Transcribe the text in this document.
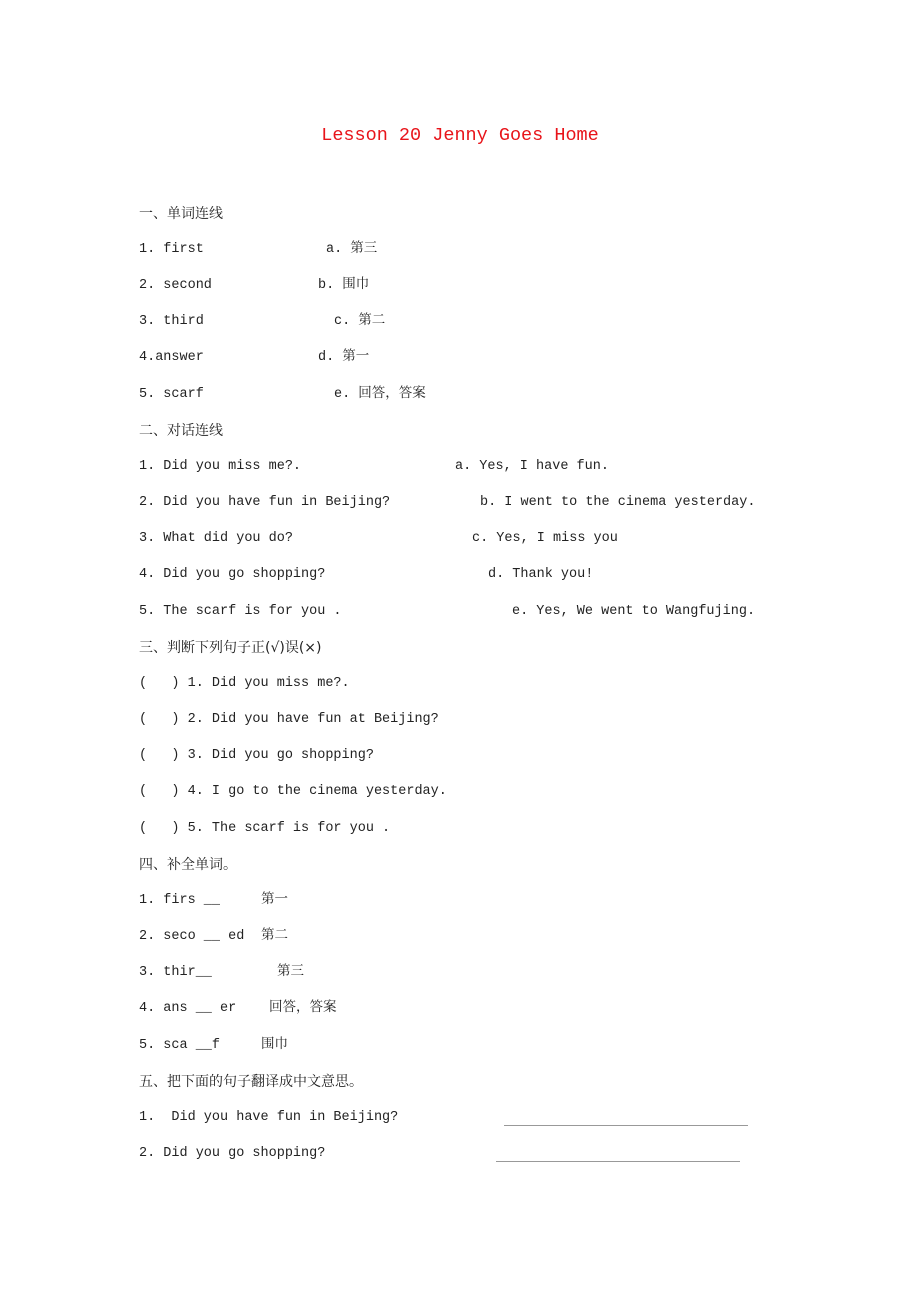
Lesson 20 Jenny Goes Home
一、单词连线
1. first	a. 第三
2. second	b. 围巾
3. third	c. 第二
4.answer	d. 第一
5. scarf	e. 回答，答案
二、对话连线
1. Did you miss me?.	a. Yes, I have fun.
2. Did you have fun in Beijing?	b. I went to the cinema yesterday.
3. What did you do?	c. Yes, I miss you
4. Did you go shopping?	d. Thank you!
5. The scarf is for you .	e. Yes, We went to Wangfujing.
三、判断下列句子正(√)误(×)
(   ) 1. Did you miss me?.
(   ) 2. Did you have fun at Beijing?
(   ) 3. Did you go shopping?
(   ) 4. I go to the cinema yesterday.
(   ) 5. The scarf is for you .
四、补全单词。
1. firs __	第一
2. seco __ ed 第二
3. thir__	第三
4. ans __ er 回答，答案
5. sca __f	围巾
五、把下面的句子翻译成中文意思。
1.  Did you have fun in Beijing?
2. Did you go shopping?
